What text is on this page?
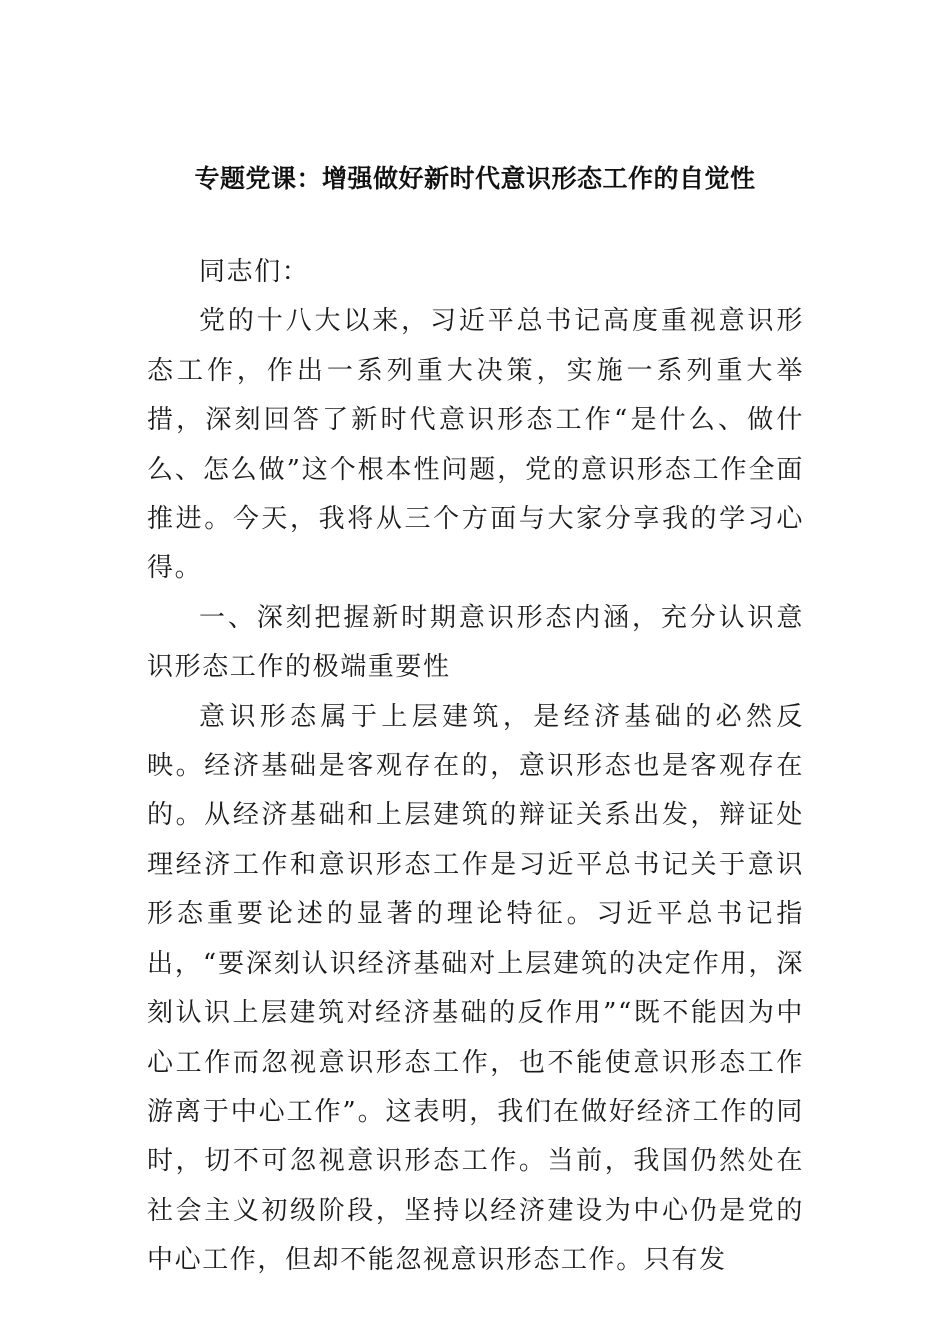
专题党课：增强做好新时代意识形态工作的自觉性

同志们：

党的十八大以来，习近平总书记高度重视意识形态工作，作出一系列重大决策，实施一系列重大举措，深刻回答了新时代意识形态工作“是什么、做什么、怎么做”这个根本性问题，党的意识形态工作全面推进。今天，我将从三个方面与大家分享我的学习心得。

一、深刻把握新时期意识形态内涵，充分认识意识形态工作的极端重要性

意识形态属于上层建筑，是经济基础的必然反映。经济基础是客观存在的，意识形态也是客观存在的。从经济基础和上层建筑的辩证关系出发，辩证处理经济工作和意识形态工作是习近平总书记关于意识形态重要论述的显著的理论特征。习近平总书记指出，“要深刻认识经济基础对上层建筑的决定作用，深刻认识上层建筑对经济基础的反作用”“既不能因为中心工作而忽视意识形态工作，也不能使意识形态工作游离于中心工作”。这表明，我们在做好经济工作的同时，切不可忽视意识形态工作。当前，我国仍然处在社会主义初级阶段，坚持以经济建设为中心仍是党的中心工作，但却不能忽视意识形态工作。只有发
